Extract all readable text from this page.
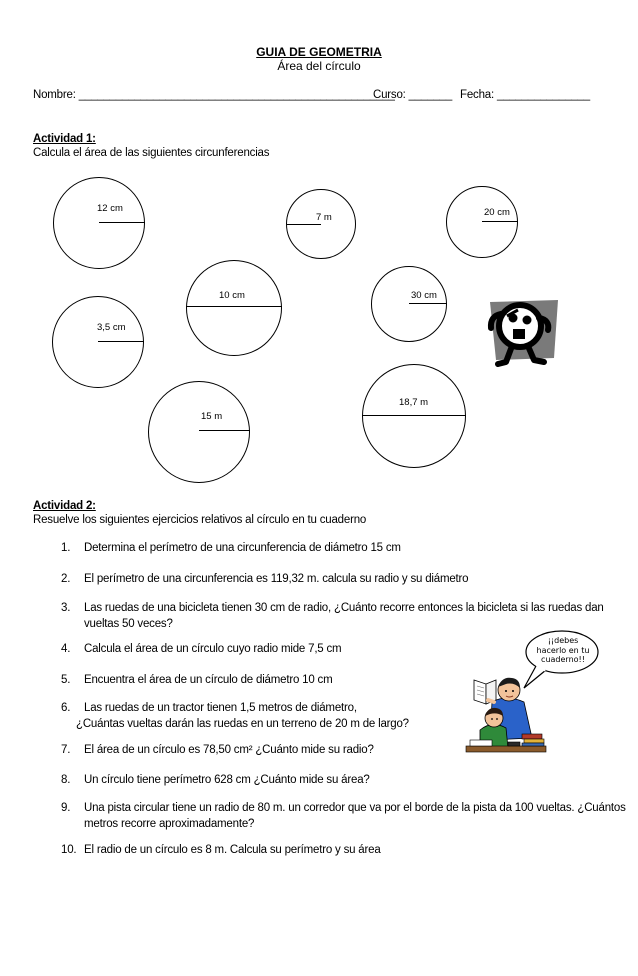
GUIA DE GEOMETRIA
Área del círculo
Nombre: ___________________________________________________
Curso: _______ Fecha: _______________
Actividad 1:
Calcula el área de las siguientes circunferencias
12 cm
7 m	20 cm
10 cm	30 cm
3,5 cm
18,7 m
15 m
Actividad 2:
Resuelve los siguientes ejercicios relativos al círculo en tu cuaderno
1.	Determina el perímetro de una circunferencia de diámetro 15 cm
2.	El perímetro de una circunferencia es 119,32 m. calcula su radio y su diámetro
3.	Las ruedas de una bicicleta tienen 30 cm de radio, ¿Cuánto recorre entonces la bicicleta si las ruedas dan
vueltas 50 veces?
4.	Calcula el área de un círculo cuyo radio mide 7,5 cm
5.	Encuentra el área de un círculo de diámetro 10 cm
6.	Las ruedas de un tractor tienen 1,5 metros de diámetro,
¿Cuántas vueltas darán las ruedas en un terreno de 20 m de largo?
7.	El área de un círculo es 78,50 cm² ¿Cuánto mide su radio?
8.	Un círculo tiene perímetro 628 cm ¿Cuánto mide su área?
9.	Una pista circular tiene un radio de 80 m. un corredor que va por el borde de la pista da 100 vueltas. ¿Cuántos
metros recorre aproximadamente?
10. El radio de un círculo es 8 m. Calcula su perímetro y su área
¡¡debes
hacerlo en tu
cuaderno!!
